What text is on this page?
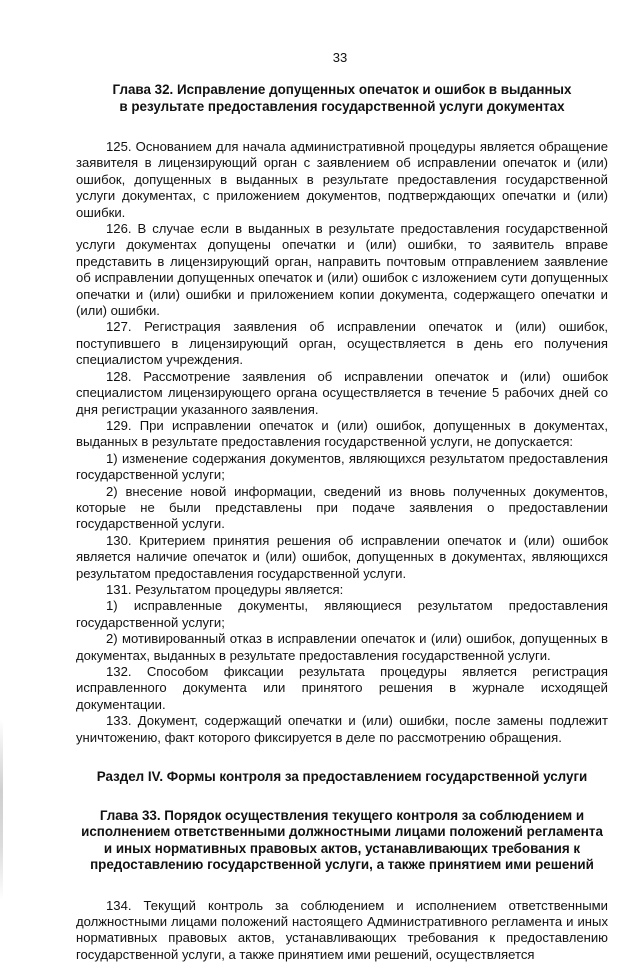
33

Глава 32. Исправление допущенных опечаток и ошибок в выданных

в результате предоставления государственной услуги документах

125. Основанием для начала административной процедуры является обращение заявителя в лицензирующий орган с заявлением об исправлении опечаток и (или) ошибок, допущенных в выданных в результате предоставления государственной услуги документах, с приложением документов, подтверждающих опечатки и (или) ошибки.

126. В случае если в выданных в результате предоставления государственной услуги документах допущены опечатки и (или) ошибки, то заявитель вправе представить в лицензирующий орган, направить почтовым отправлением заявление об исправлении допущенных опечаток и (или) ошибок с изложением сути допущенных опечатки и (или) ошибки и приложением копии документа, содержащего опечатки и (или) ошибки.

127. Регистрация заявления об исправлении опечаток и (или) ошибок, поступившего в лицензирующий орган, осуществляется в день его получения специалистом учреждения.

128. Рассмотрение заявления об исправлении опечаток и (или) ошибок специалистом лицензирующего органа осуществляется в течение 5 рабочих дней со дня регистрации указанного заявления.

129. При исправлении опечаток и (или) ошибок, допущенных в документах, выданных в результате предоставления государственной услуги, не допускается:

1) изменение содержания документов, являющихся результатом предоставления государственной услуги;

2) внесение новой информации, сведений из вновь полученных документов, которые не были представлены при подаче заявления о предоставлении государственной услуги.

130. Критерием принятия решения об исправлении опечаток и (или) ошибок является наличие опечаток и (или) ошибок, допущенных в документах, являющихся результатом предоставления государственной услуги.

131. Результатом процедуры является:

1) исправленные документы, являющиеся результатом предоставления государственной услуги;

2) мотивированный отказ в исправлении опечаток и (или) ошибок, допущенных в документах, выданных в результате предоставления государственной услуги.

132. Способом фиксации результата процедуры является регистрация исправленного документа или принятого решения в журнале исходящей документации.

133. Документ, содержащий опечатки и (или) ошибки, после замены подлежит уничтожению, факт которого фиксируется в деле по рассмотрению обращения.

Раздел IV. Формы контроля за предоставлением государственной услуги

Глава 33. Порядок осуществления текущего контроля за соблюдением и

исполнением ответственными должностными лицами положений регламента

и иных нормативных правовых актов, устанавливающих требования к

предоставлению государственной услуги, а также принятием ими решений

134. Текущий контроль за соблюдением и исполнением ответственными должностными лицами положений настоящего Административного регламента и иных нормативных правовых актов, устанавливающих требования к предоставлению государственной услуги, а также принятием ими решений, осуществляется
